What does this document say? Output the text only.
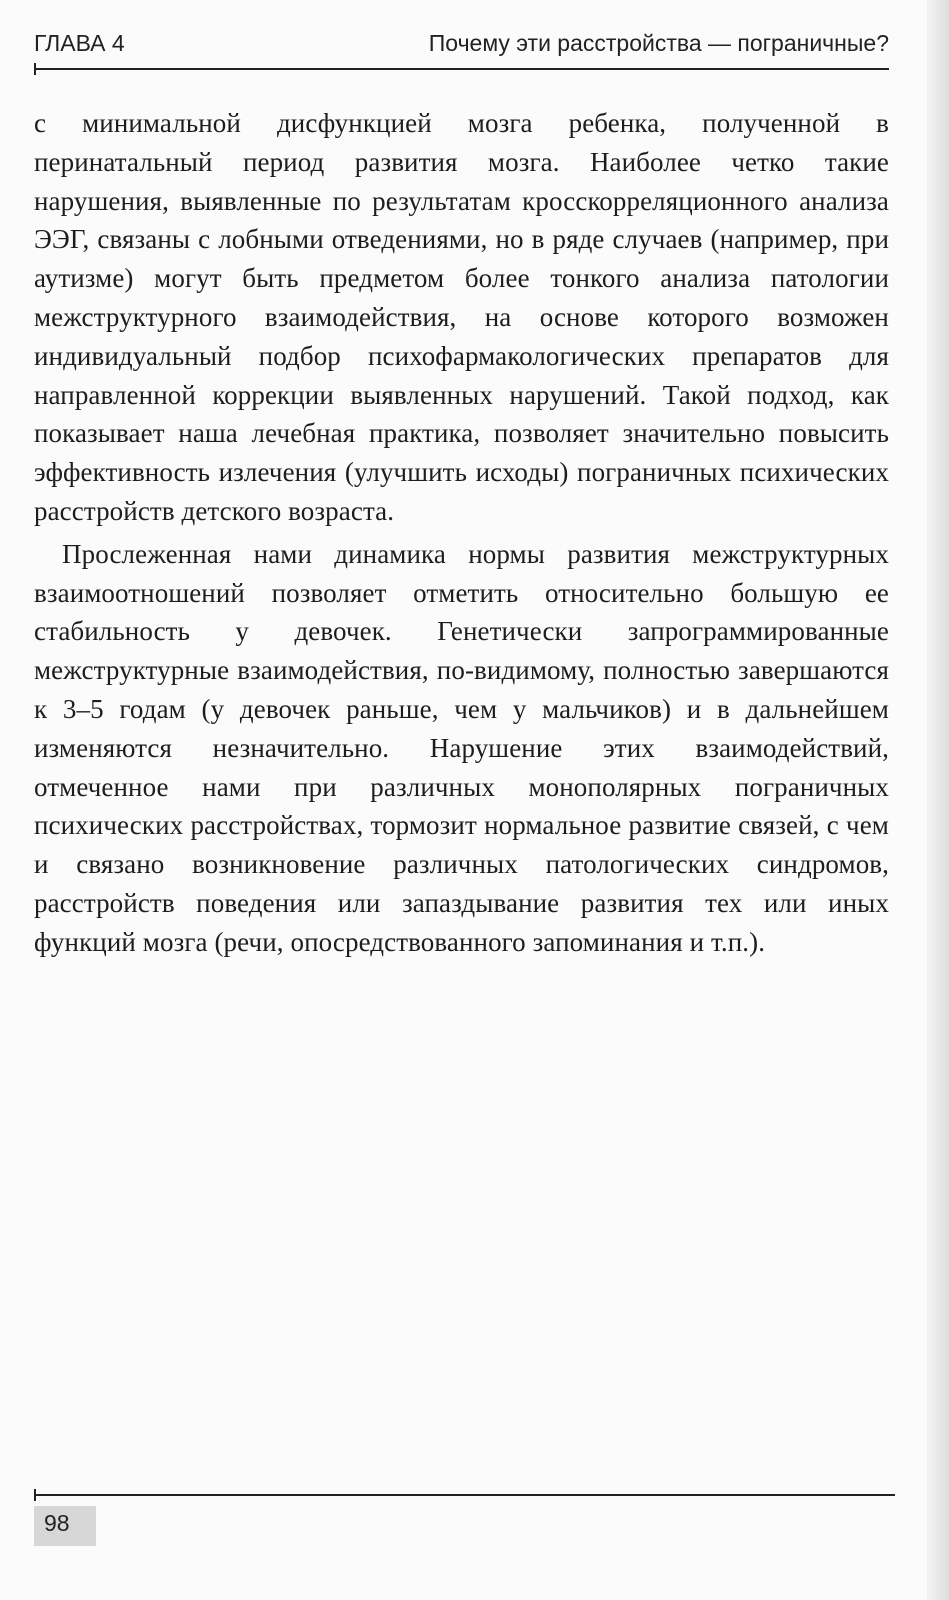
ГЛАВА 4	Почему эти расстройства — пограничные?

с минимальной дисфункцией мозга ребенка, полученной в перинатальный период развития мозга. Наиболее четко такие нарушения, выявленные по результатам кросскорреляционного анализа ЭЭГ, связаны с лобными отведениями, но в ряде случаев (например, при аутизме) могут быть предметом более тонкого анализа патологии межструктурного взаимодействия, на основе которого возможен индивидуальный подбор психофармакологических препаратов для направленной коррекции выявленных нарушений. Такой подход, как показывает наша лечебная практика, позволяет значительно повысить эффективность излечения (улучшить исходы) пограничных психических расстройств детского возраста.

Прослеженная нами динамика нормы развития межструктурных взаимоотношений позволяет отметить относительно большую ее стабильность у девочек. Генетически запрограммированные межструктурные взаимодействия, по-видимому, полностью завершаются к 3–5 годам (у девочек раньше, чем у мальчиков) и в дальнейшем изменяются незначительно. Нарушение этих взаимодействий, отмеченное нами при различных монополярных пограничных психических расстройствах, тормозит нормальное развитие связей, с чем и связано возникновение различных патологических синдромов, расстройств поведения или запаздывание развития тех или иных функций мозга (речи, опосредствованного запоминания и т.п.).

98
